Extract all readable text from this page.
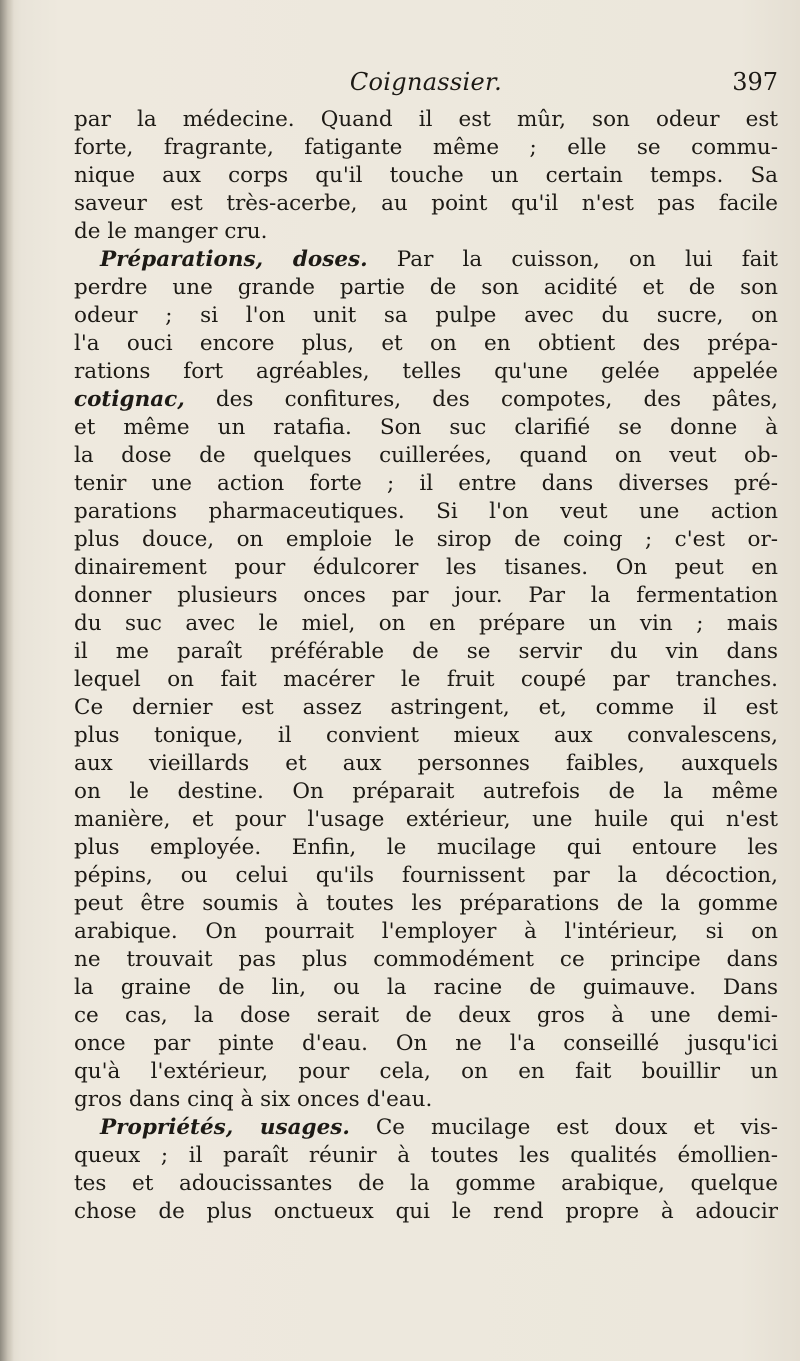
Coignassier.	397
par la médecine. Quand il est mûr, son odeur est
forte, fragrante, fatigante même ; elle se commu-
nique aux corps qu'il touche un certain temps. Sa
saveur est très-acerbe, au point qu'il n'est pas facile
de le manger cru.
Préparations, doses. Par la cuisson, on lui fait
perdre une grande partie de son acidité et de son
odeur ; si l'on unit sa pulpe avec du sucre, on
l'a ouci encore plus, et on en obtient des prépa-
rations fort agréables, telles qu'une gelée appelée
cotignac, des confitures, des compotes, des pâtes,
et même un ratafia. Son suc clarifié se donne à
la dose de quelques cuillerées, quand on veut ob-
tenir une action forte ; il entre dans diverses pré-
parations pharmaceutiques. Si l'on veut une action
plus douce, on emploie le sirop de coing ; c'est or-
dinairement pour édulcorer les tisanes. On peut en
donner plusieurs onces par jour. Par la fermentation
du suc avec le miel, on en prépare un vin ; mais
il me paraît préférable de se servir du vin dans
lequel on fait macérer le fruit coupé par tranches.
Ce dernier est assez astringent, et, comme il est
plus tonique, il convient mieux aux convalescens,
aux vieillards et aux personnes faibles, auxquels
on le destine. On préparait autrefois de la même
manière, et pour l'usage extérieur, une huile qui n'est
plus employée. Enfin, le mucilage qui entoure les
pépins, ou celui qu'ils fournissent par la décoction,
peut être soumis à toutes les préparations de la gomme
arabique. On pourrait l'employer à l'intérieur, si on
ne trouvait pas plus commodément ce principe dans
la graine de lin, ou la racine de guimauve. Dans
ce cas, la dose serait de deux gros à une demi-
once par pinte d'eau. On ne l'a conseillé jusqu'ici
qu'à l'extérieur, pour cela, on en fait bouillir un
gros dans cinq à six onces d'eau.
Propriétés, usages. Ce mucilage est doux et vis-
queux ; il paraît réunir à toutes les qualités émollien-
tes et adoucissantes de la gomme arabique, quelque
chose de plus onctueux qui le rend propre à adoucir
